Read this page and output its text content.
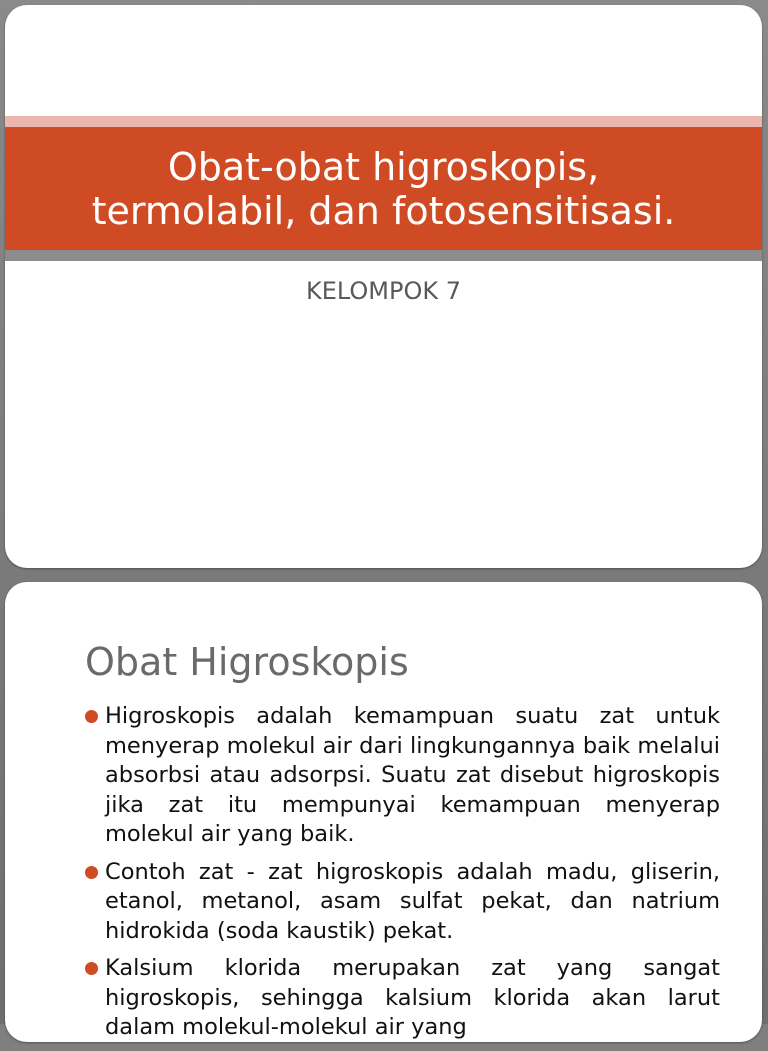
Obat-obat higroskopis,
termolabil, dan fotosensitisasi.
KELOMPOK 7
Obat Higroskopis
Higroskopis adalah kemampuan suatu zat untuk menyerap molekul air dari lingkungannya baik melalui absorbsi atau adsorpsi. Suatu zat disebut higroskopis jika zat itu mempunyai kemampuan menyerap molekul air yang baik.
Contoh zat - zat higroskopis adalah madu, gliserin, etanol, metanol, asam sulfat pekat, dan natrium hidrokida (soda kaustik) pekat.
Kalsium klorida merupakan zat yang sangat higroskopis, sehingga kalsium klorida akan larut dalam molekul-molekul air yang
